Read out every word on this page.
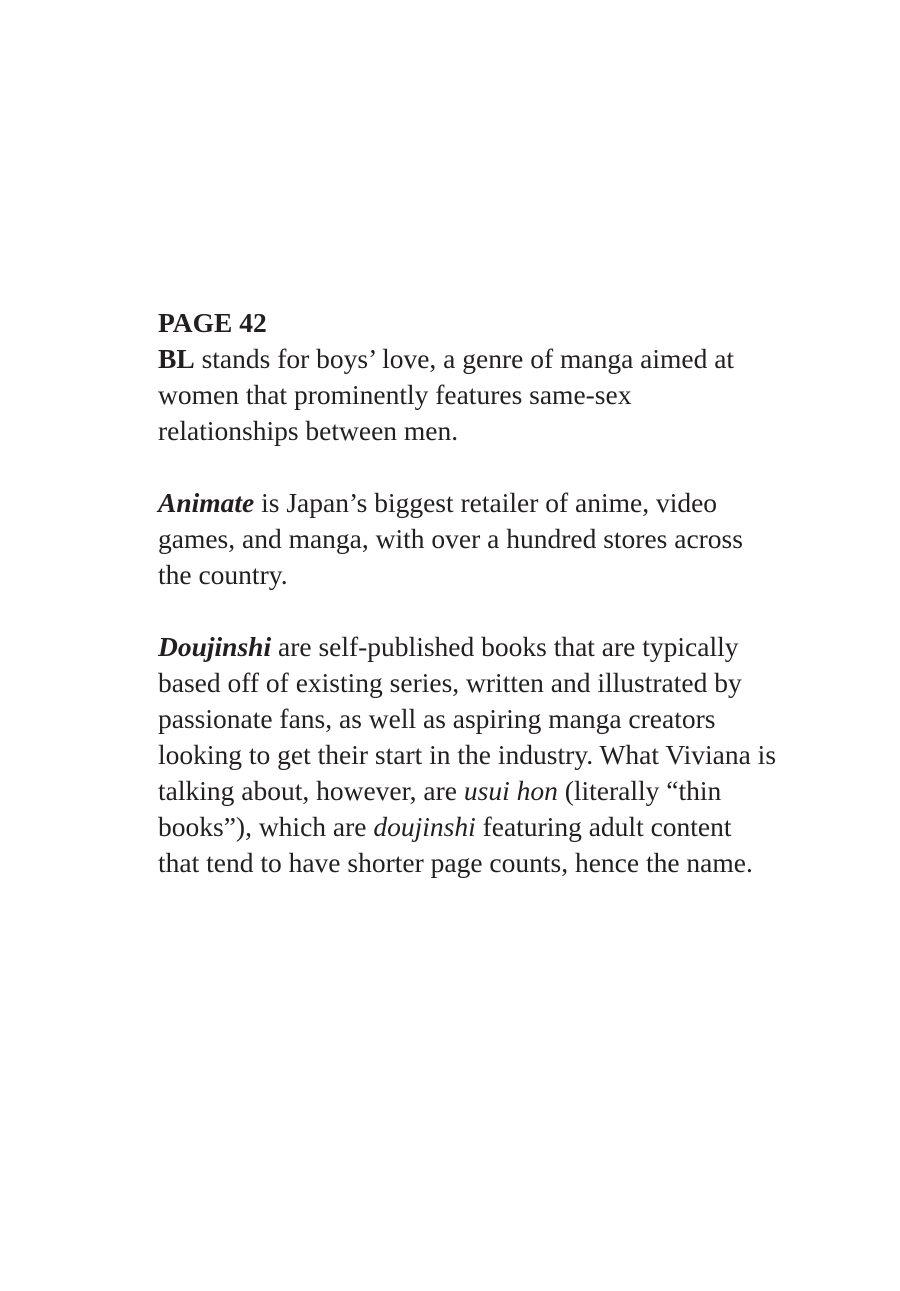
PAGE 42

BL stands for boys’ love, a genre of manga aimed at women that prominently features same-sex relationships between men.

Animate is Japan’s biggest retailer of anime, video games, and manga, with over a hundred stores across the country.

Doujinshi are self-published books that are typically based off of existing series, written and illustrated by passionate fans, as well as aspiring manga creators looking to get their start in the industry. What Viviana is talking about, however, are usui hon (literally “thin books”), which are doujinshi featuring adult content that tend to have shorter page counts, hence the name.
